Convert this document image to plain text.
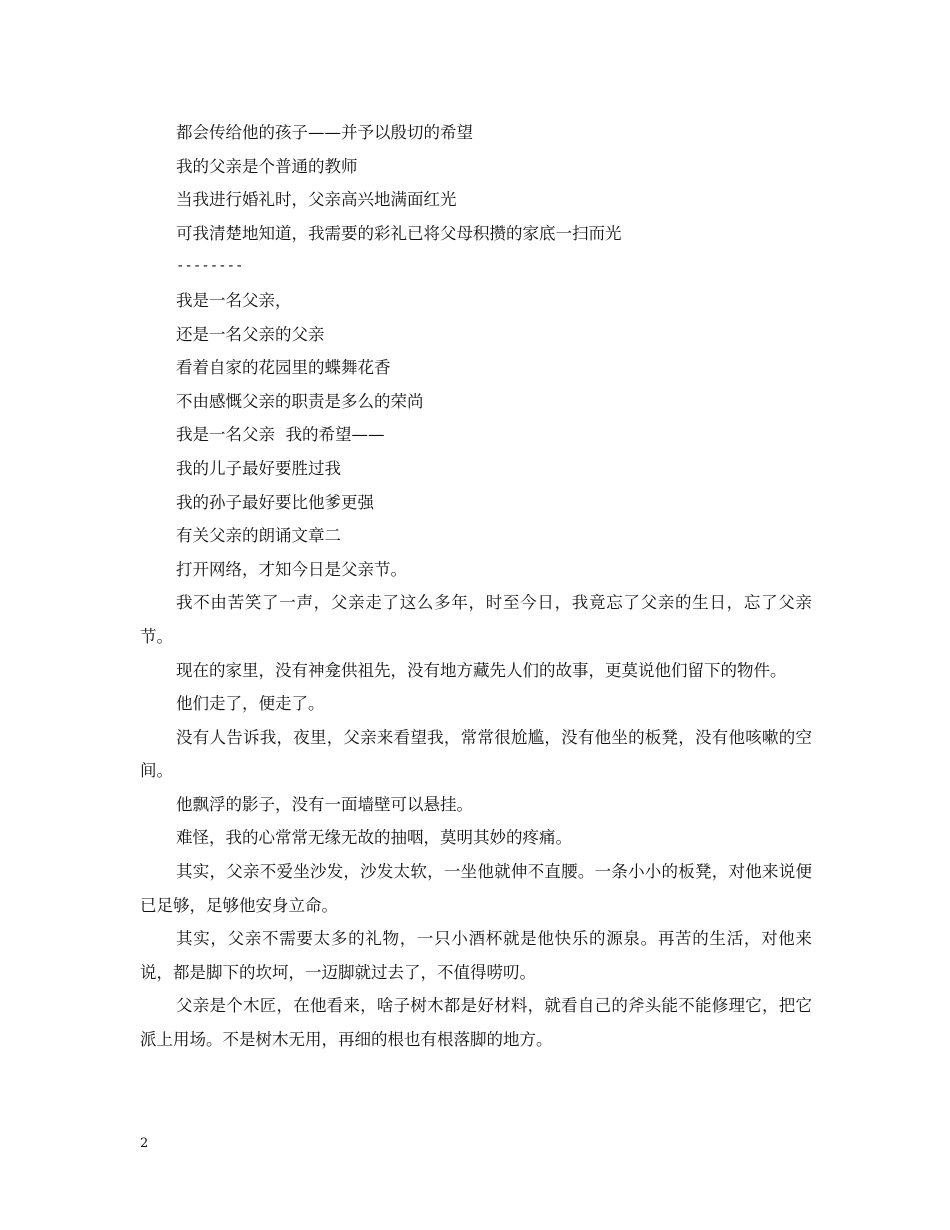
都会传给他的孩子——并予以殷切的希望
我的父亲是个普通的教师
当我进行婚礼时，父亲高兴地满面红光
可我清楚地知道，我需要的彩礼已将父母积攒的家底一扫而光
--------
我是一名父亲，
还是一名父亲的父亲
看着自家的花园里的蝶舞花香
不由感慨父亲的职责是多么的荣尚
我是一名父亲  我的希望——
我的儿子最好要胜过我
我的孙子最好要比他爹更强
有关父亲的朗诵文章二
打开网络，才知今日是父亲节。

我不由苦笑了一声，父亲走了这么多年，时至今日，我竟忘了父亲的生日，忘了父亲节。

现在的家里，没有神龛供祖先，没有地方藏先人们的故事，更莫说他们留下的物件。

他们走了，便走了。

没有人告诉我，夜里，父亲来看望我，常常很尬尴，没有他坐的板凳，没有他咳嗽的空间。

他飘浮的影子，没有一面墙壁可以悬挂。

难怪，我的心常常无缘无故的抽咽，莫明其妙的疼痛。

其实，父亲不爱坐沙发，沙发太软，一坐他就伸不直腰。一条小小的板凳，对他来说便已足够，足够他安身立命。

其实，父亲不需要太多的礼物，一只小酒杯就是他快乐的源泉。再苦的生活，对他来说，都是脚下的坎坷，一迈脚就过去了，不值得唠叨。

父亲是个木匠，在他看来，啥子树木都是好材料，就看自己的斧头能不能修理它，把它派上用场。不是树木无用，再细的根也有根落脚的地方。

2
